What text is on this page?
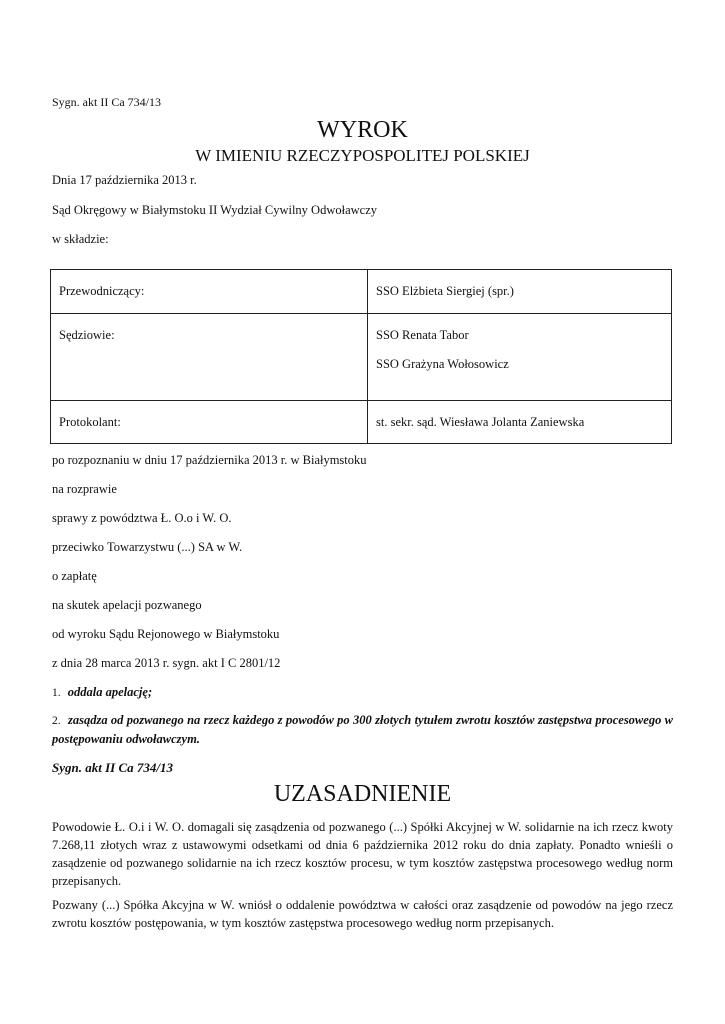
Sygn. akt II Ca 734/13
WYROK
W IMIENIU RZECZYPOSPOLITEJ POLSKIEJ
Dnia 17 października 2013 r.
Sąd Okręgowy w Białymstoku II Wydział Cywilny Odwoławczy
w składzie:
Przewodniczący:	SSO Elżbieta Siergiej (spr.)
Sędziowie:	SSO Renata Tabor
SSO Grażyna Wołosowicz

Protokolant:	st. sekr. sąd. Wiesława Jolanta Zaniewska
po rozpoznaniu w dniu 17 października 2013 r. w Białymstoku
na rozprawie
sprawy z powództwa Ł. O.o i W. O.
przeciwko Towarzystwu (...) SA w W.
o zapłatę
na skutek apelacji pozwanego
od wyroku Sądu Rejonowego w Białymstoku
z dnia 28 marca 2013 r. sygn. akt I C 2801/12
1. oddala apelację;
2. zasądza od pozwanego na rzecz każdego z powodów po 300 złotych tytułem zwrotu kosztów zastępstwa procesowego w postępowaniu odwoławczym.
Sygn. akt II Ca 734/13
UZASADNIENIE
Powodowie Ł. O.i i W. O. domagali się zasądzenia od pozwanego (...) Spółki Akcyjnej w W. solidarnie na ich rzecz kwoty 7.268,11 złotych wraz z ustawowymi odsetkami od dnia 6 października 2012 roku do dnia zapłaty. Ponadto wnieśli o zasądzenie od pozwanego solidarnie na ich rzecz kosztów procesu, w tym kosztów zastępstwa procesowego według norm przepisanych.
Pozwany (...) Spółka Akcyjna w W. wniósł o oddalenie powództwa w całości oraz zasądzenie od powodów na jego rzecz zwrotu kosztów postępowania, w tym kosztów zastępstwa procesowego według norm przepisanych.
